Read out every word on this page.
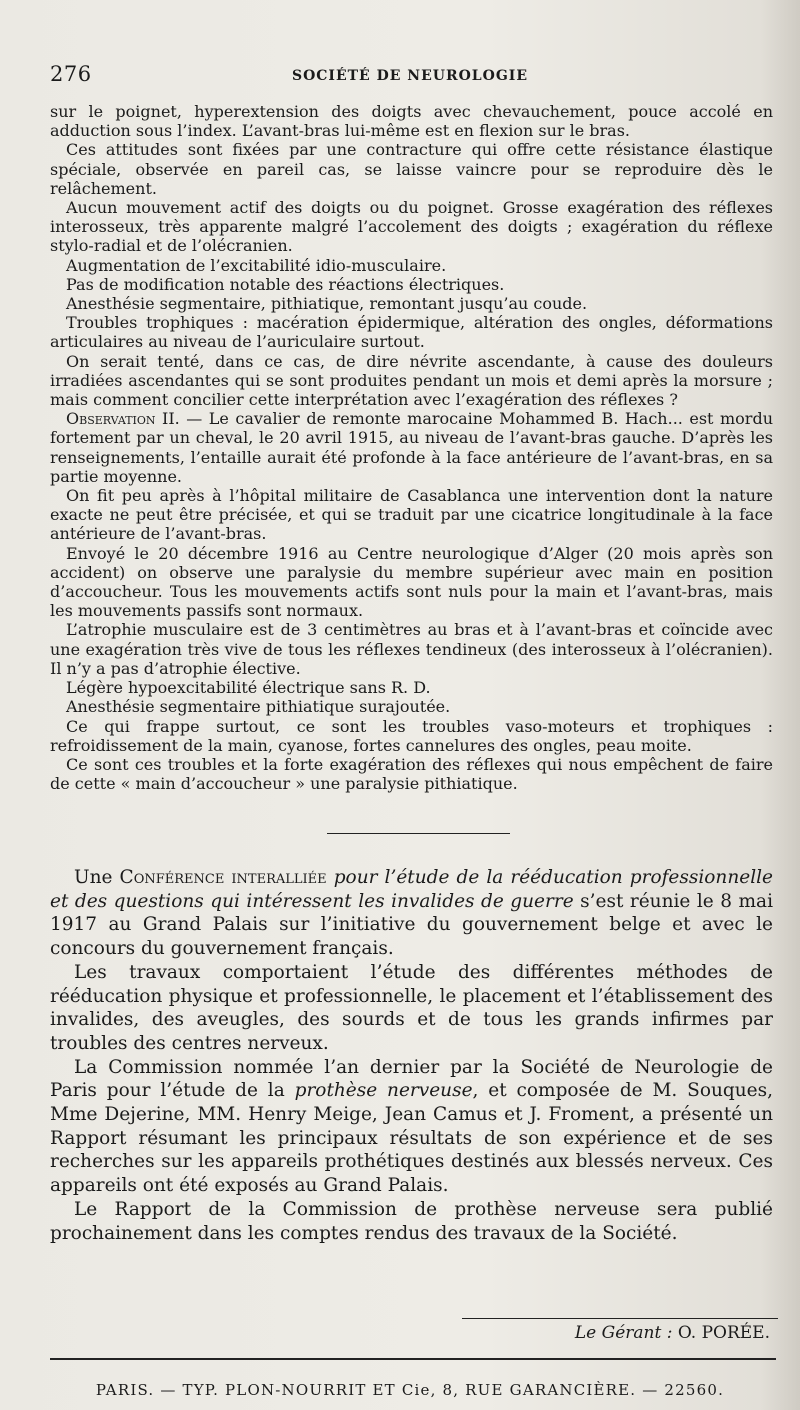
276	SOCIÉTÉ DE NEUROLOGIE

sur le poignet, hyperextension des doigts avec chevauchement, pouce accolé en adduction sous l’index. L’avant-bras lui-même est en flexion sur le bras.

Ces attitudes sont fixées par une contracture qui offre cette résistance élastique spéciale, observée en pareil cas, se laisse vaincre pour se reproduire dès le relâchement.

Aucun mouvement actif des doigts ou du poignet. Grosse exagération des réflexes interosseux, très apparente malgré l’accolement des doigts ; exagération du réflexe stylo-radial et de l’olécranien.

Augmentation de l’excitabilité idio-musculaire.

Pas de modification notable des réactions électriques.

Anesthésie segmentaire, pithiatique, remontant jusqu’au coude.

Troubles trophiques : macération épidermique, altération des ongles, déformations articulaires au niveau de l’auriculaire surtout.

On serait tenté, dans ce cas, de dire névrite ascendante, à cause des douleurs irradiées ascendantes qui se sont produites pendant un mois et demi après la morsure ; mais comment concilier cette interprétation avec l’exagération des réflexes ?

Observation II. — Le cavalier de remonte marocaine Mohammed B. Hach... est mordu fortement par un cheval, le 20 avril 1915, au niveau de l’avant-bras gauche. D’après les renseignements, l’entaille aurait été profonde à la face antérieure de l’avant-bras, en sa partie moyenne.

On fit peu après à l’hôpital militaire de Casablanca une intervention dont la nature exacte ne peut être précisée, et qui se traduit par une cicatrice longitudinale à la face antérieure de l’avant-bras.

Envoyé le 20 décembre 1916 au Centre neurologique d’Alger (20 mois après son accident) on observe une paralysie du membre supérieur avec main en position d’accoucheur. Tous les mouvements actifs sont nuls pour la main et l’avant-bras, mais les mouvements passifs sont normaux.

L’atrophie musculaire est de 3 centimètres au bras et à l’avant-bras et coïncide avec une exagération très vive de tous les réflexes tendineux (des interosseux à l’olécranien). Il n’y a pas d’atrophie élective.

Légère hypoexcitabilité électrique sans R. D.

Anesthésie segmentaire pithiatique surajoutée.

Ce qui frappe surtout, ce sont les troubles vaso-moteurs et trophiques : refroidissement de la main, cyanose, fortes cannelures des ongles, peau moite.

Ce sont ces troubles et la forte exagération des réflexes qui nous empêchent de faire de cette « main d’accoucheur » une paralysie pithiatique.

Une Conférence interalliée pour l’étude de la rééducation professionnelle et des questions qui intéressent les invalides de guerre s’est réunie le 8 mai 1917 au Grand Palais sur l’initiative du gouvernement belge et avec le concours du gouvernement français.

Les travaux comportaient l’étude des différentes méthodes de rééducation physique et professionnelle, le placement et l’établissement des invalides, des aveugles, des sourds et de tous les grands infirmes par troubles des centres nerveux.

La Commission nommée l’an dernier par la Société de Neurologie de Paris pour l’étude de la prothèse nerveuse, et composée de M. Souques, Mme Dejerine, MM. Henry Meige, Jean Camus et J. Froment, a présenté un Rapport résumant les principaux résultats de son expérience et de ses recherches sur les appareils prothétiques destinés aux blessés nerveux. Ces appareils ont été exposés au Grand Palais.

Le Rapport de la Commission de prothèse nerveuse sera publié prochainement dans les comptes rendus des travaux de la Société.

Le Gérant : O. PORÉE.
PARIS. — TYP. PLON-NOURRIT ET Cie, 8, RUE GARANCIÈRE. — 22560.
